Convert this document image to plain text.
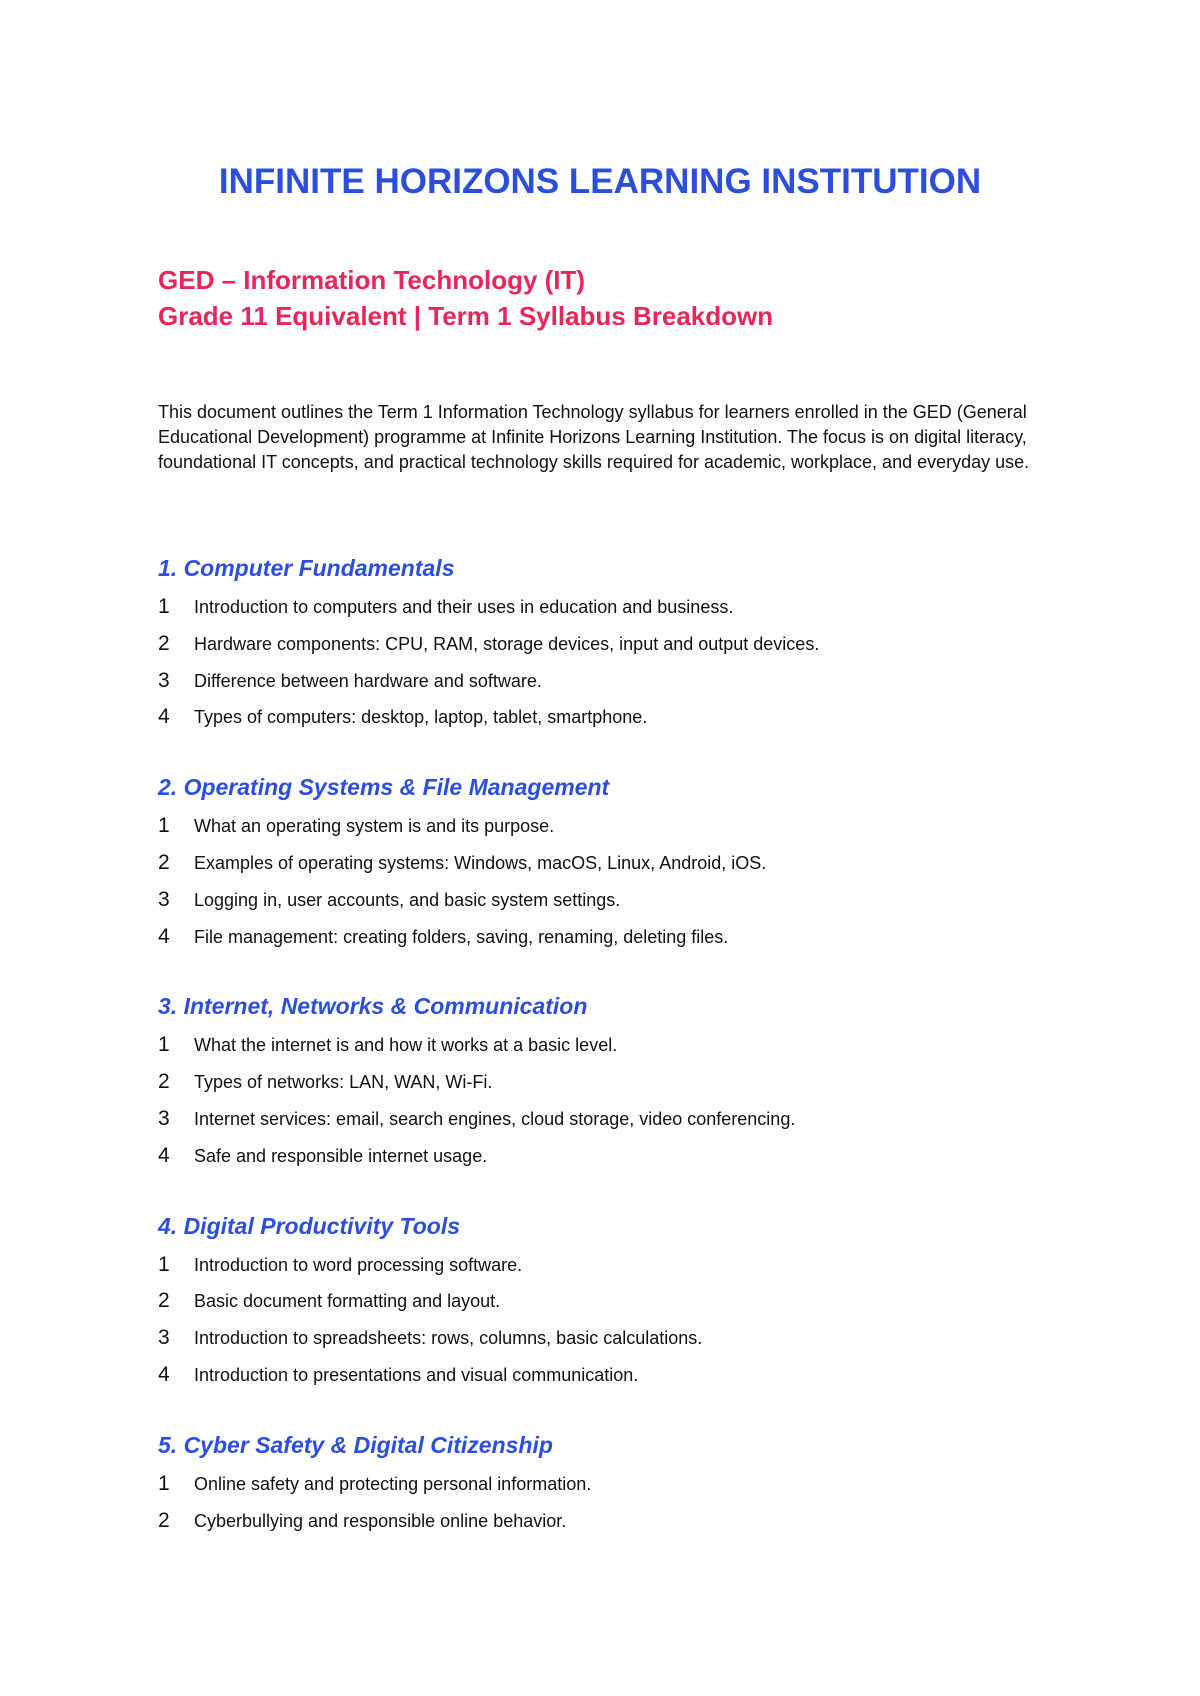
INFINITE HORIZONS LEARNING INSTITUTION

GED – Information Technology (IT)

Grade 11 Equivalent | Term 1 Syllabus Breakdown

This document outlines the Term 1 Information Technology syllabus for learners enrolled in the GED (General Educational Development) programme at Infinite Horizons Learning Institution. The focus is on digital literacy, foundational IT concepts, and practical technology skills required for academic, workplace, and everyday use.

1. Computer Fundamentals
1	Introduction to computers and their uses in education and business.
2	Hardware components: CPU, RAM, storage devices, input and output devices.
3	Difference between hardware and software.
4	Types of computers: desktop, laptop, tablet, smartphone.
2. Operating Systems & File Management
1	What an operating system is and its purpose.
2	Examples of operating systems: Windows, macOS, Linux, Android, iOS.
3	Logging in, user accounts, and basic system settings.
4	File management: creating folders, saving, renaming, deleting files.
3. Internet, Networks & Communication
1	What the internet is and how it works at a basic level.
2	Types of networks: LAN, WAN, Wi-Fi.
3	Internet services: email, search engines, cloud storage, video conferencing.
4	Safe and responsible internet usage.
4. Digital Productivity Tools
1	Introduction to word processing software.
2	Basic document formatting and layout.
3	Introduction to spreadsheets: rows, columns, basic calculations.
4	Introduction to presentations and visual communication.
5. Cyber Safety & Digital Citizenship
1	Online safety and protecting personal information.
2	Cyberbullying and responsible online behavior.
